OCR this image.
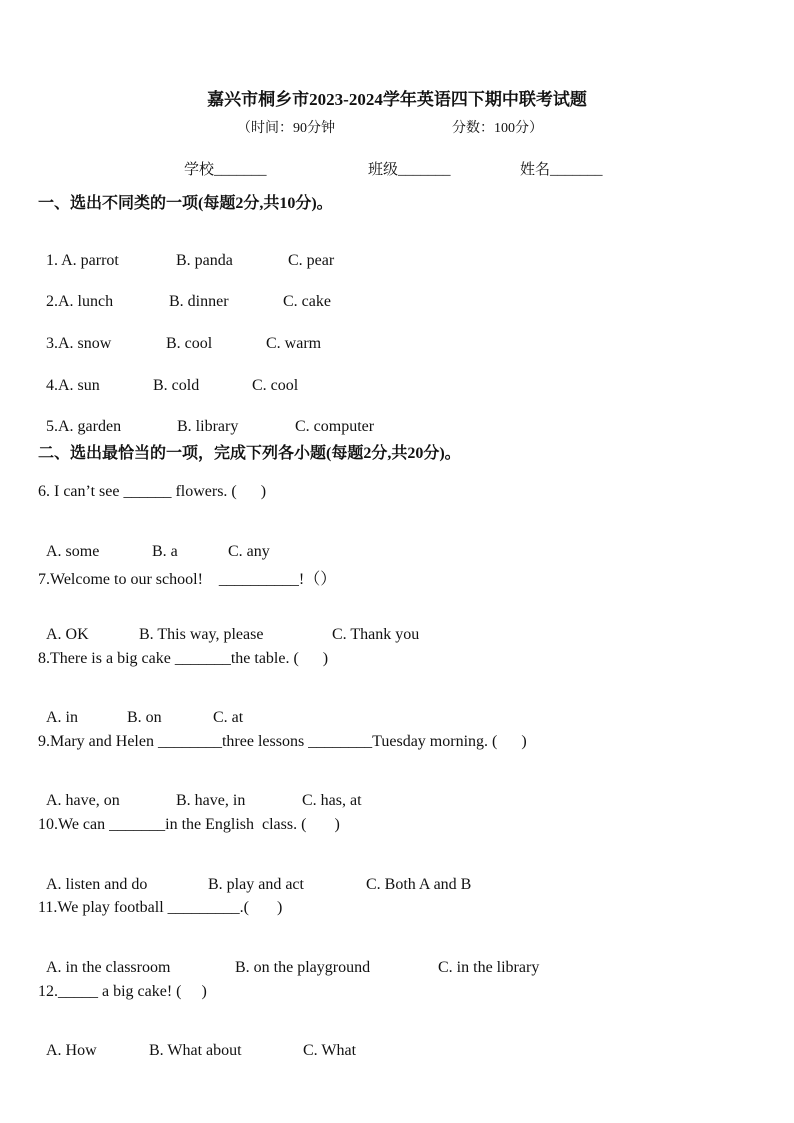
嘉兴市桐乡市2023-2024学年英语四下期中联考试题
（时间：90分钟	分数：100分）
学校_______	班级_______	姓名_______
一、选出不同类的一项(每题2分,共10分)。

1. A. parrot	B. panda	C. pear

2.A. lunch	B. dinner	C. cake

3.A. snow	B. cool	C. warm

4.A. sun	B. cold	C. cool

5.A. garden	B. library	C. computer

二、选出最恰当的一项，完成下列各小题(每题2分,共20分)。
6. I can’t see ______ flowers. (      )

A. some	B. a	C. any

7.Welcome to our school!    __________!（）

A. OK	B. This way, please	C. Thank you

8.There is a big cake _______the table. (      )

A. in	B. on	C. at

9.Mary and Helen ________three lessons ________Tuesday morning. (      )

A. have, on	B. have, in	C. has, at

10.We can _______in the English  class. (       )

A. listen and do	B. play and act	C. Both A and B

11.We play football _________.(       )

A. in the classroom	B. on the playground	C. in the library

12._____ a big cake! (     )

A. How	B. What about	C. What
